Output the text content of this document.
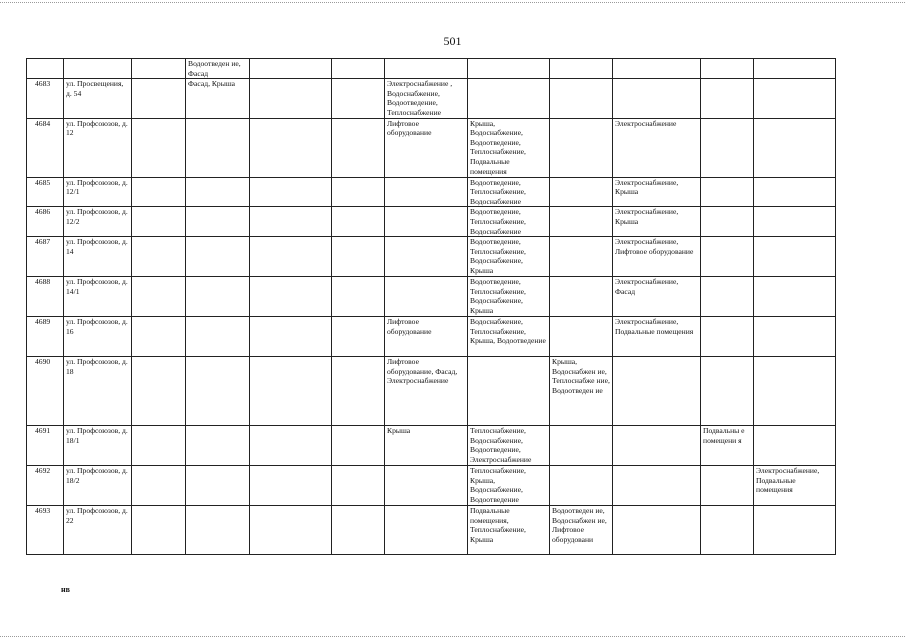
501
			Водоотведен ие, Фасад								
4683	ул. Просвещения, д. 54		Фасад, Крыша			Электроснабжение , Водоснабжение, Водоотведение, Теплоснабжение					
4684	ул. Профсоюзов, д. 12					Лифтовое оборудование	Крыша, Водоснабжение, Водоотведение, Теплоснабжение, Подвальные помещения		Электроснабжение		
4685	ул. Профсоюзов, д. 12/1						Водоотведение, Теплоснабжение, Водоснабжение		Электроснабжение, Крыша		
4686	ул. Профсоюзов, д. 12/2						Водоотведение, Теплоснабжение, Водоснабжение		Электроснабжение, Крыша		
4687	ул. Профсоюзов, д. 14						Водоотведение, Теплоснабжение, Водоснабжение, Крыша		Электроснабжение, Лифтовое оборудование		
4688	ул. Профсоюзов, д. 14/1						Водоотведение, Теплоснабжение, Водоснабжение, Крыша		Электроснабжение, Фасад		
4689	ул. Профсоюзов, д. 16					Лифтовое оборудование	Водоснабжение, Теплоснабжение, Крыша, Водоотведение		Электроснабжение, Подвальные помещения		
4690	ул. Профсоюзов, д. 18					Лифтовое оборудование, Фасад, Электроснабжение		Крыша, Водоснабжен ие, Теплоснабже ние, Водоотведен ие			
4691	ул. Профсоюзов, д. 18/1					Крыша	Теплоснабжение, Водоснабжение, Водоотведение, Электроснабжение			Подвальны е помещени я	
4692	ул. Профсоюзов, д. 18/2						Теплоснабжение, Крыша, Водоснабжение, Водоотведение				Электроснабжение, Подвальные помещения
4693	ул. Профсоюзов, д. 22						Подвальные помещения, Теплоснабжение, Крыша	Водоотведен ие, Водоснабжен ие, Лифтовое оборудовани			
нв
